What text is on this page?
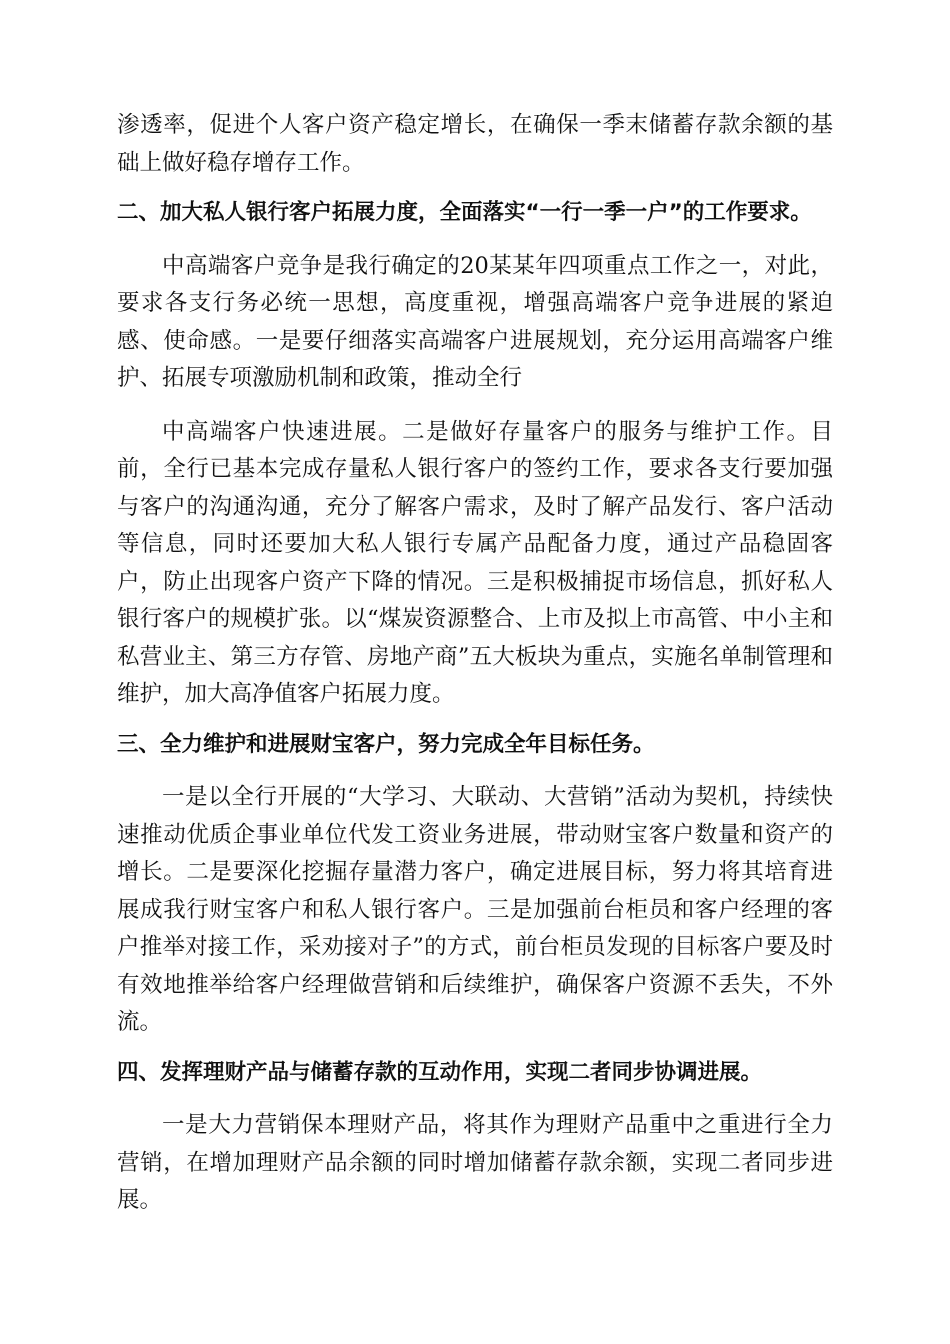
渗透率，促进个人客户资产稳定增长，在确保一季末储蓄存款余额的基础上做好稳存增存工作。

二、加大私人银行客户拓展力度，全面落实“一行一季一户”的工作要求。

中高端客户竞争是我行确定的20某某年四项重点工作之一，对此，要求各支行务必统一思想，高度重视，增强高端客户竞争进展的紧迫感、使命感。一是要仔细落实高端客户进展规划，充分运用高端客户维护、拓展专项激励机制和政策，推动全行

中高端客户快速进展。二是做好存量客户的服务与维护工作。目前，全行已基本完成存量私人银行客户的签约工作，要求各支行要加强与客户的沟通沟通，充分了解客户需求，及时了解产品发行、客户活动等信息，同时还要加大私人银行专属产品配备力度，通过产品稳固客户，防止出现客户资产下降的情况。三是积极捕捉市场信息，抓好私人银行客户的规模扩张。以“煤炭资源整合、上市及拟上市高管、中小主和私营业主、第三方存管、房地产商”五大板块为重点，实施名单制管理和维护，加大高净值客户拓展力度。

三、全力维护和进展财宝客户，努力完成全年目标任务。

一是以全行开展的“大学习、大联动、大营销”活动为契机，持续快速推动优质企事业单位代发工资业务进展，带动财宝客户数量和资产的增长。二是要深化挖掘存量潜力客户，确定进展目标，努力将其培育进展成我行财宝客户和私人银行客户。三是加强前台柜员和客户经理的客户推举对接工作，采劝接对子”的方式，前台柜员发现的目标客户要及时有效地推举给客户经理做营销和后续维护，确保客户资源不丢失，不外流。

四、发挥理财产品与储蓄存款的互动作用，实现二者同步协调进展。

一是大力营销保本理财产品，将其作为理财产品重中之重进行全力营销，在增加理财产品余额的同时增加储蓄存款余额，实现二者同步进展。
